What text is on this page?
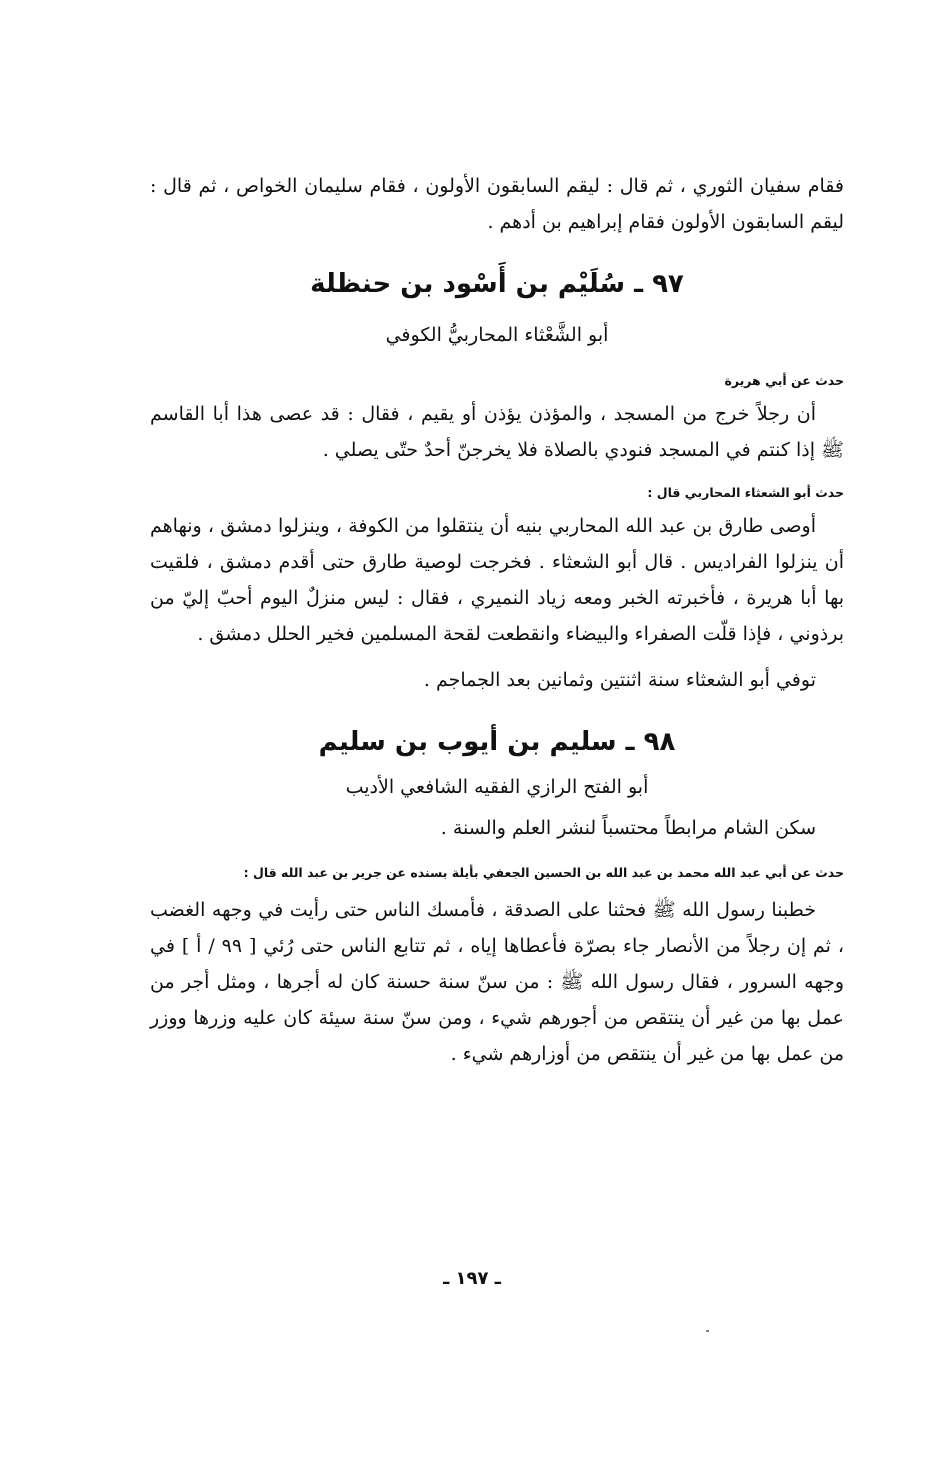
فقام سفيان الثوري ، ثم قال : ليقم السابقون الأولون ، فقام سليمان الخواص ، ثم قال : ليقم السابقون الأولون فقام إبراهيم بن أدهم .

٩٧ ـ سُلَيْم بن أَسْود بن حنظلة

أبو الشَّعْثاء المحاربيُّ الكوفي

حدث عن أبي هريرة

أن رجلاً خرج من المسجد ، والمؤذن يؤذن أو يقيم ، فقال : قد عصى هذا أبا القاسم ﷺ إذا كنتم في المسجد فنودي بالصلاة فلا يخرجنّ أحدٌ حتّى يصلي .

حدث أبو الشعثاء المحاربي قال :

أوصى طارق بن عبد الله المحاربي بنيه أن ينتقلوا من الكوفة ، وينزلوا دمشق ، ونهاهم أن ينزلوا الفراديس . قال أبو الشعثاء . فخرجت لوصية طارق حتى أقدم دمشق ، فلقيت بها أبا هريرة ، فأخبرته الخبر ومعه زياد النميري ، فقال : ليس منزلٌ اليوم أحبّ إليّ من برذوني ، فإذا قلّت الصفراء والبيضاء وانقطعت لقحة المسلمين فخير الحلل دمشق .

توفي أبو الشعثاء سنة اثنتين وثمانين بعد الجماجم .

٩٨ ـ سليم بن أيوب بن سليم

أبو الفتح الرازي الفقيه الشافعي الأديب

سكن الشام مرابطاً محتسباً لنشر العلم والسنة .

حدث عن أبي عبد الله محمد بن عبد الله بن الحسين الجعفي بأيلة بسنده عن جرير بن عبد الله قال :

خطبنا رسول الله ﷺ فحثنا على الصدقة ، فأمسك الناس حتى رأيت في وجهه الغضب ، ثم إن رجلاً من الأنصار جاء بصرّة فأعطاها إياه ، ثم تتابع الناس حتى رُئي [ ٩٩ / أ ] في وجهه السرور ، فقال رسول الله ﷺ : من سنّ سنة حسنة كان له أجرها ، ومثل أجر من عمل بها من غير أن ينتقص من أجورهم شيء ، ومن سنّ سنة سيئة كان عليه وزرها ووزر من عمل بها من غير أن ينتقص من أوزارهم شيء .

ـ ١٩٧ ـ
